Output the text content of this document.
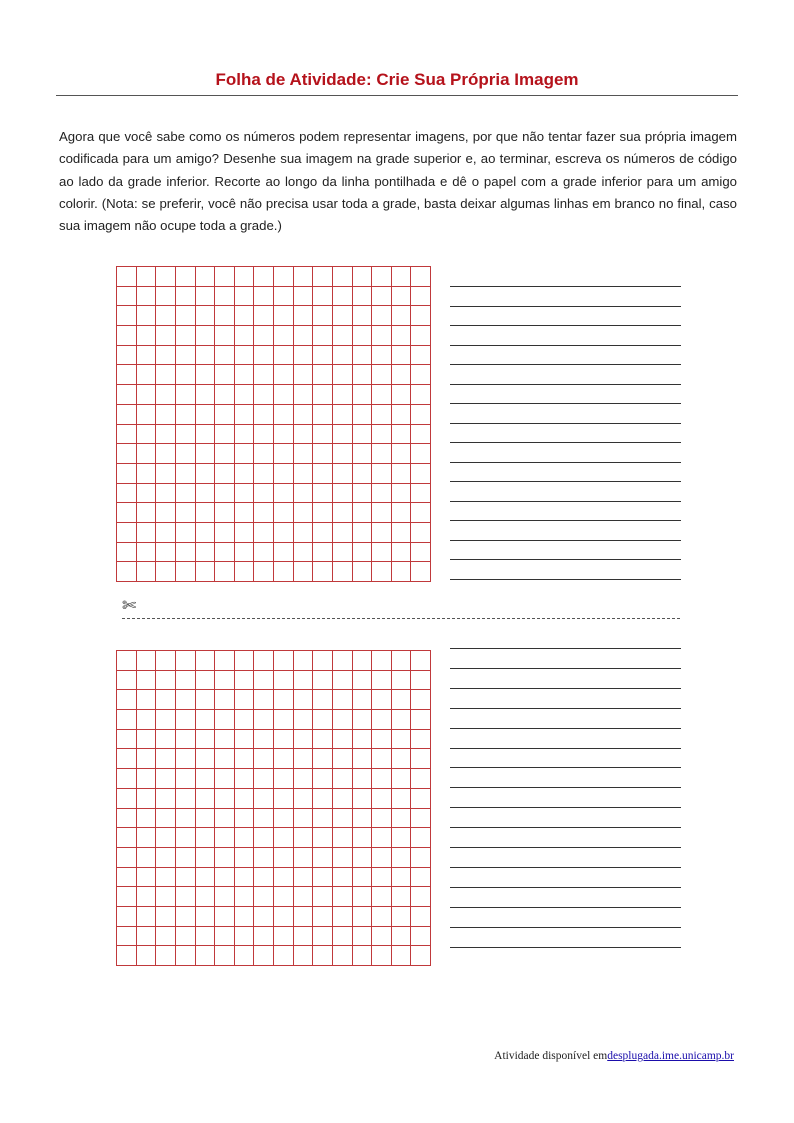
Folha de Atividade: Crie Sua Própria Imagem
Agora que você sabe como os números podem representar imagens, por que não tentar fazer sua própria imagem codificada para um amigo? Desenhe sua imagem na grade superior e, ao terminar, escreva os números de código ao lado da grade inferior. Recorte ao longo da linha pontilhada e dê o papel com a grade inferior para um amigo colorir. (Nota: se preferir, você não precisa usar toda a grade, basta deixar algumas linhas em branco no final, caso sua imagem não ocupe toda a grade.)
✄
Atividade disponível emdesplugada.ime.unicamp.br
